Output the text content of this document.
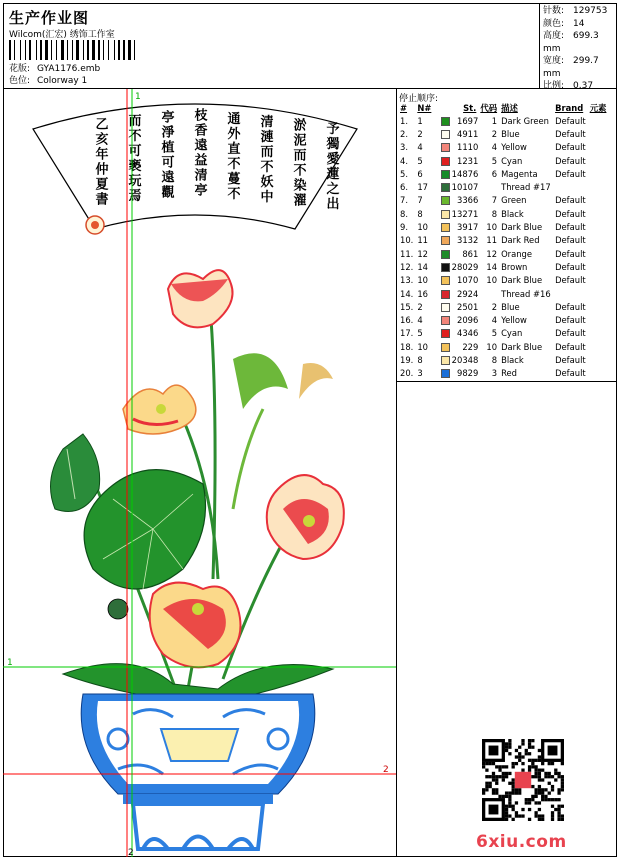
生产作业图
Wilcom(汇宏) 绣饰工作室
花版: GYA1176.emb
色位: Colorway 1
针数: 129753
颜色: 14
高度: 699.3 mm
宽度: 299.7 mm
比例: 0.37
停止顺序:
#	N#	St.	代码	描述	Brand	元素
1.	1	1697	1	Dark Green	Default	
2.	2	4911	2	Blue	Default	
3.	4	1110	4	Yellow	Default	
4.	5	1231	5	Cyan	Default	
5.	6	14876	6	Magenta	Default	
6.	17	10107		Thread #17		
7.	7	3366	7	Green	Default	
8.	8	13271	8	Black	Default	
9.	10	3917	10	Dark Blue	Default	
10.	11	3132	11	Dark Red	Default	
11.	12	861	12	Orange	Default	
12.	14	28029	14	Brown	Default	
13.	10	1070	10	Dark Blue	Default	
14.	16	2924		Thread #16		
15.	2	2501	2	Blue	Default	
16.	4	2096	4	Yellow	Default	
17.	5	4346	5	Cyan	Default	
18.	10	229	10	Dark Blue	Default	
19.	8	20348	8	Black	Default	
20.	3	9829	3	Red	Default	
予
獨
愛
蓮
之
出
淤
泥
而
不
染
濯
清
漣
而
不
妖
中
通
外
直
不
蔓
不
枝
香
遠
益
清
亭
亭
淨
植
可
遠
觀
而
不
可
褻
玩
焉
乙
亥
年
仲
夏
書
1
1
2
2
6xiu.com
